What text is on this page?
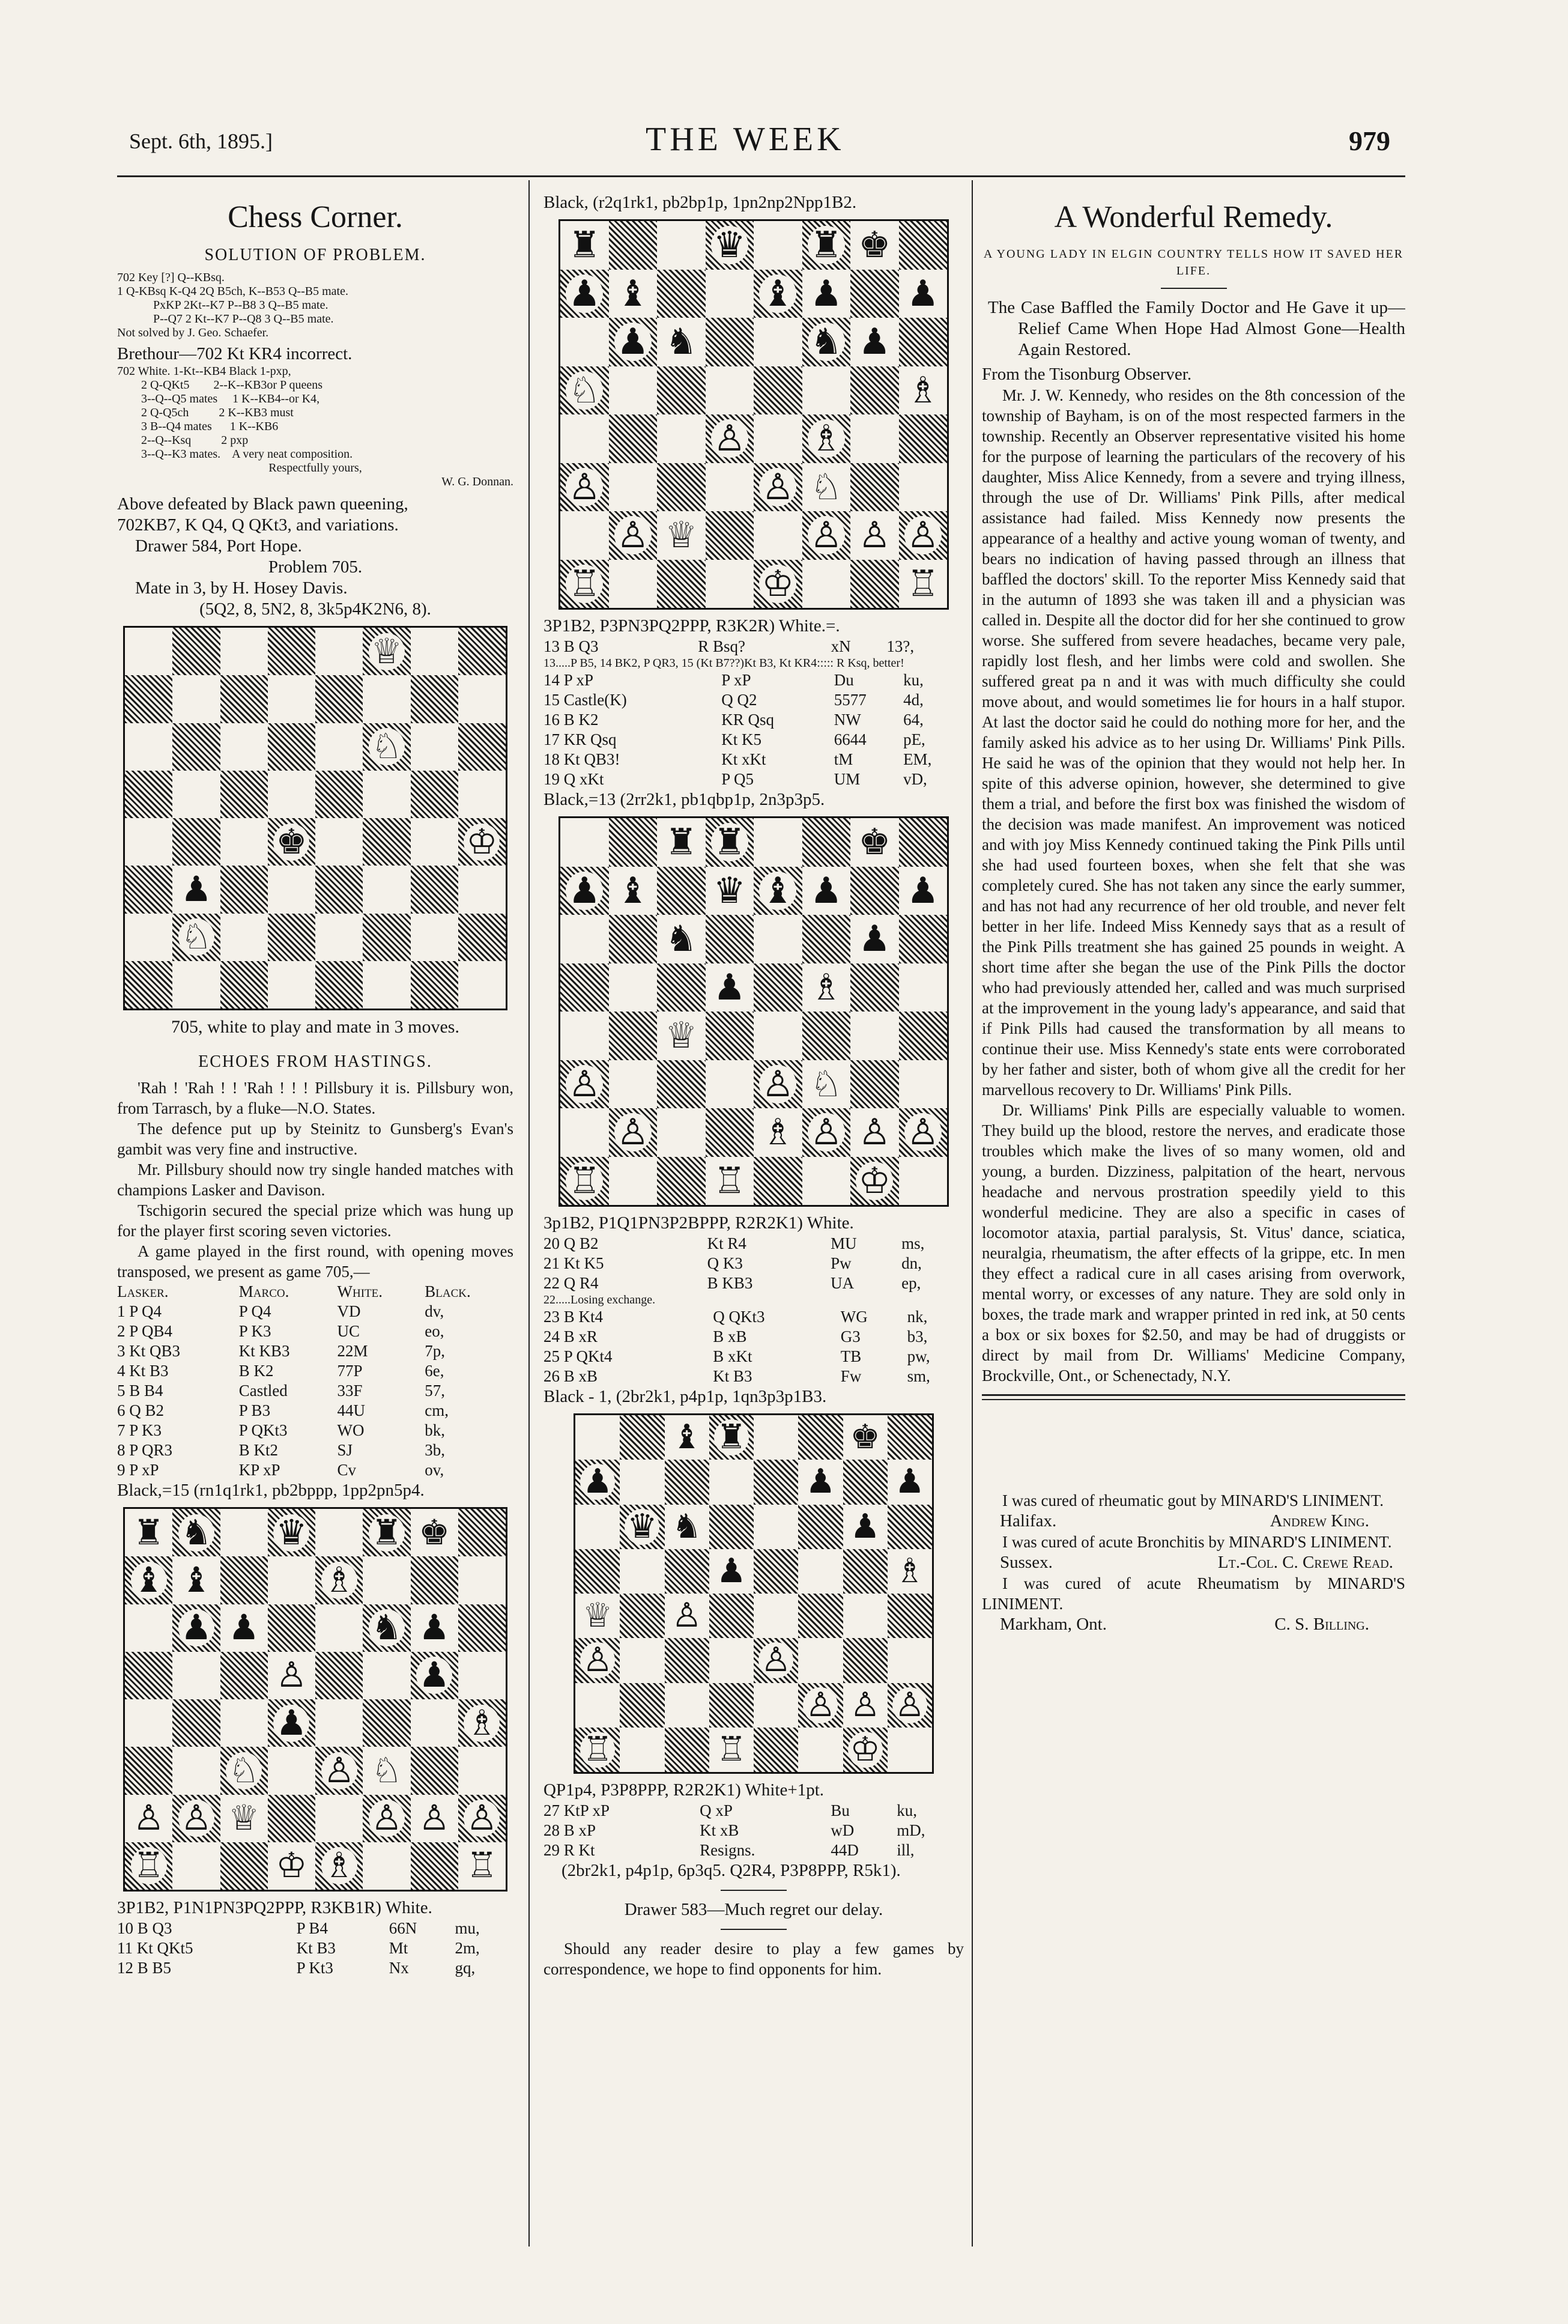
Sept. 6th, 1895.]	THE WEEK	979
Chess Corner.
SOLUTION OF PROBLEM.
702 Key [?] Q--KBsq.
1 Q-KBsq K-Q4 2Q B5ch, K--B53 Q--B5 mate.
PxKP 2Kt--K7 P--B8 3 Q--B5 mate.
P--Q7 2 Kt--K7 P--Q8 3 Q--B5 mate.
Not solved by J. Geo. Schaefer.
Brethour—702 Kt KR4 incorrect.
702 White. 1-Kt--KB4 Black 1-pxp,
2 Q-QKt5        2--K--KB3or P queens
3--Q--Q5 mates     1 K--KB4--or K4,
2 Q-Q5ch          2 K--KB3 must
3 B--Q4 mates      1 K--KB6
2--Q--Ksq          2 pxp
3--Q--K3 mates.    A very neat composition.
Respectfully yours,
W. G. Donnan.
Above defeated by Black pawn queening,
702KB7, K Q4, Q QKt3, and variations.
Drawer 584, Port Hope.
Problem 705.
Mate in 3, by H. Hosey Davis.
(5Q2, 8, 5N2, 8, 3k5p4K2N6, 8).
♕
♘
♚	♔
♟
♘
705, white to play and mate in 3 moves.
ECHOES FROM HASTINGS.

'Rah ! 'Rah ! ! 'Rah ! ! ! Pillsbury it is. Pillsbury won, from Tarrasch, by a fluke—N.O. States.

The defence put up by Steinitz to Gunsberg's Evan's gambit was very fine and instructive.

Mr. Pillsbury should now try single handed matches with champions Lasker and Davison.

Tschigorin secured the special prize which was hung up for the player first scoring seven victories.

A game played in the first round, with opening moves transposed, we present as game 705,—

Lasker.	Marco.	White.	Black.
1 P Q4	P Q4	VD	dv,
2 P QB4	P K3	UC	eo,
3 Kt QB3	Kt KB3	22M	7p,
4 Kt B3	B K2	77P	6e,
5 B B4	Castled	33F	57,
6 Q B2	P B3	44U	cm,
7 P K3	P QKt3	WO	bk,
8 P QR3	B Kt2	SJ	3b,
9 P xP	KP xP	Cv	ov,
Black,=15 (rn1q1rk1, pb2bppp, 1pp2pn5p4.
♜ ♞ ♛ ♜ ♚
♝ ♝	♗
♟ ♟	♞ ♟
♙	♟
♟	♗
♘ ♙ ♘
♙ ♙ ♕	♙ ♙ ♙
♖	♔ ♗	♖
3P1B2, P1N1PN3PQ2PPP, R3KB1R) White.
10 B Q3	P B4	66N	mu,
11 Kt QKt5	Kt B3	Mt	2m,
12 B B5	P Kt3	Nx	gq,
Black, (r2q1rk1, pb2bp1p, 1pn2np2Npp1B2.
♜	♛ ♜ ♚
♟ ♝	♝ ♟ ♟
♟ ♞	♞ ♟
♘	♗
♙ ♗
♙	♙ ♘
♙ ♕	♙ ♙ ♙
♖	♔	♖
3P1B2, P3PN3PQ2PPP, R3K2R) White.=.
13 B Q3	R Bsq?	xN	13?,
13.....P B5, 14 BK2, P QR3, 15 (Kt B7??)Kt B3, Kt KR4::::: R Ksq, better!
14 P xP	P xP	Du	ku,
15 Castle(K)	Q Q2	5577	4d,
16 B K2	KR Qsq	NW	64,
17 KR Qsq	Kt K5	6644	pE,
18 Kt QB3!	Kt xKt	tM	EM,
19 Q xKt	P Q5	UM	vD,
Black,=13 (2rr2k1, pb1qbp1p, 2n3p3p5.
♜ ♜	♚
♟ ♝ ♛ ♝ ♟ ♟
♞	♟
♟ ♗
♕
♙	♙ ♘
♙	♗ ♙ ♙ ♙
♖	♖	♔
3p1B2, P1Q1PN3P2BPPP, R2R2K1) White.
20 Q B2	Kt R4	MU	ms,
21 Kt K5	Q K3	Pw	dn,
22 Q R4	B KB3	UA	ep,
22.....Losing exchange.
23 B Kt4	Q QKt3	WG	nk,
24 B xR	B xB	G3	b3,
25 P QKt4	B xKt	TB	pw,
26 B xB	Kt B3	Fw	sm,
Black - 1, (2br2k1, p4p1p, 1qn3p3p1B3.
♝ ♜	♚
♟	♟ ♟
♛ ♞	♟
♟	♗
♕ ♙
♙	♙
♙ ♙ ♙
♖	♖	♔
QP1p4, P3P8PPP, R2R2K1) White+1pt.
27 KtP xP	Q xP	Bu	ku,
28 B xP	Kt xB	wD	mD,
29 R Kt	Resigns.	44D	ill,
(2br2k1, p4p1p, 6p3q5. Q2R4, P3P8PPP, R5k1).
Drawer 583—Much regret our delay.

Should any reader desire to play a few games by correspondence, we hope to find opponents for him.

A Wonderful Remedy.
A YOUNG LADY IN ELGIN COUNTRY TELLS HOW IT SAVED HER LIFE.
The Case Baffled the Family Doctor and He Gave it up—Relief Came When Hope Had Almost Gone—Health Again Restored.
From the Tisonburg Observer.

Mr. J. W. Kennedy, who resides on the 8th concession of the township of Bayham, is on of the most respected farmers in the township. Recently an Observer representative visited his home for the purpose of learning the particulars of the recovery of his daughter, Miss Alice Kennedy, from a severe and trying illness, through the use of Dr. Williams' Pink Pills, after medical assistance had failed. Miss Kennedy now presents the appearance of a healthy and active young woman of twenty, and bears no indication of having passed through an illness that baffled the doctors' skill. To the reporter Miss Kennedy said that in the autumn of 1893 she was taken ill and a physician was called in. Despite all the doctor did for her she continued to grow worse. She suffered from severe headaches, became very pale, rapidly lost flesh, and her limbs were cold and swollen. She suffered great pa n and it was with much difficulty she could move about, and would sometimes lie for hours in a half stupor. At last the doctor said he could do nothing more for her, and the family asked his advice as to her using Dr. Williams' Pink Pills. He said he was of the opinion that they would not help her. In spite of this adverse opinion, however, she determined to give them a trial, and before the first box was finished the wisdom of the decision was made manifest. An improvement was noticed and with joy Miss Kennedy continued taking the Pink Pills until she had used fourteen boxes, when she felt that she was completely cured. She has not taken any since the early summer, and has not had any recurrence of her old trouble, and never felt better in her life. Indeed Miss Kennedy says that as a result of the Pink Pills treatment she has gained 25 pounds in weight. A short time after she began the use of the Pink Pills the doctor who had previously attended her, called and was much surprised at the improvement in the young lady's appearance, and said that if Pink Pills had caused the transformation by all means to continue their use. Miss Kennedy's state ents were corroborated by her father and sister, both of whom give all the credit for her marvellous recovery to Dr. Williams' Pink Pills.

Dr. Williams' Pink Pills are especially valuable to women. They build up the blood, restore the nerves, and eradicate those troubles which make the lives of so many women, old and young, a burden. Dizziness, palpitation of the heart, nervous headache and nervous prostration speedily yield to this wonderful medicine. They are also a specific in cases of locomotor ataxia, partial paralysis, St. Vitus' dance, sciatica, neuralgia, rheumatism, the after effects of la grippe, etc. In men they effect a radical cure in all cases arising from overwork, mental worry, or excesses of any nature. They are sold only in boxes, the trade mark and wrapper printed in red ink, at 50 cents a box or six boxes for $2.50, and may be had of druggists or direct by mail from Dr. Williams' Medicine Company, Brockville, Ont., or Schenectady, N.Y.

I was cured of rheumatic gout by MINARD'S LINIMENT.

Halifax.	Andrew King.

I was cured of acute Bronchitis by MINARD'S LINIMENT.

Sussex.	Lt.-Col. C. Crewe Read.

I was cured of acute Rheumatism by MINARD'S LINIMENT.

Markham, Ont.	C. S. Billing.
